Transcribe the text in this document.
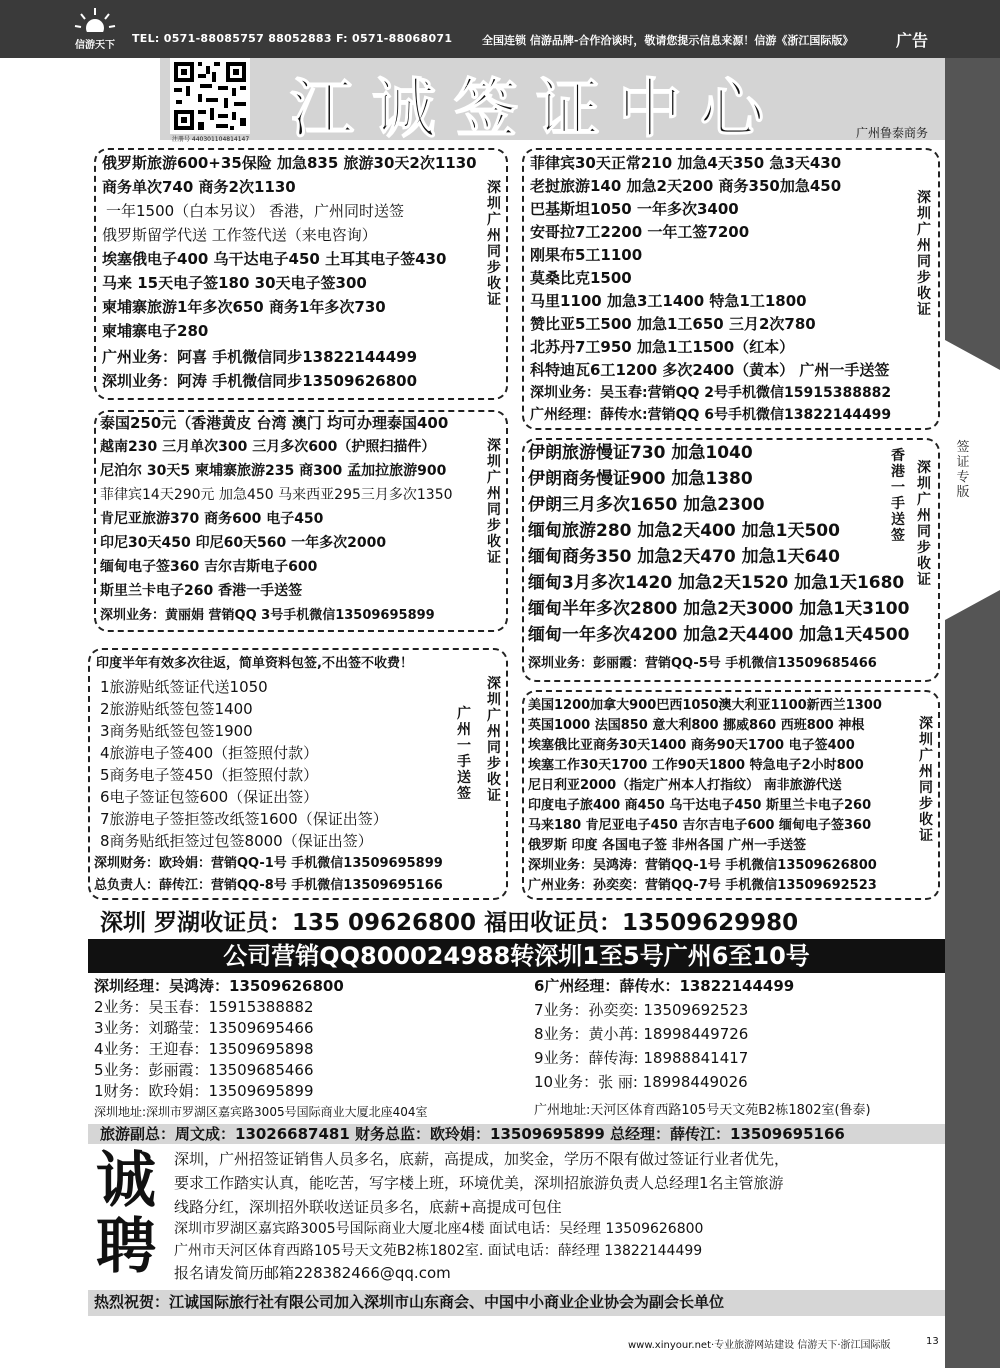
信游天下
TEL: 0571-88085757 88052883 F: 0571-88068071	全国连锁 信游品牌-合作洽谈时，敬请您提示信息来源！信游《浙江国际版》	广告
签证专版
注册号 440301104814147 江诚签证中心	广州鲁泰商务
俄罗斯旅游600+35保险 加急835 旅游30天2次1130
商务单次740 商务2次1130
一年1500（白本另议） 香港，广州同时送签
俄罗斯留学代送 工作签代送（来电咨询）
埃塞俄电子400 乌干达电子450 土耳其电子签430
马来 15天电子签180 30天电子签300
柬埔寨旅游1年多次650 商务1年多次730
柬埔寨电子280
广州业务：阿喜 手机微信同步13822144499
深圳业务：阿涛 手机微信同步13509626800
深圳广州同步收证
菲律宾30天正常210 加急4天350 急3天430
老挝旅游140 加急2天200 商务350加急450
巴基斯坦1050 一年多次3400
安哥拉7工2200 一年工签7200
刚果布5工1100
莫桑比克1500
马里1100 加急3工1400 特急1工1800
赞比亚5工500 加急1工650 三月2次780
北苏丹7工950 加急1工1500（红本）
科特迪瓦6工1200 多次2400（黄本） 广州一手送签
深圳业务：吴玉春:营销QQ 2号手机微信15915388882
广州经理：薛传水:营销QQ 6号手机微信13822144499
深圳广州同步收证
泰国250元（香港黄皮 台湾 澳门 均可办理泰国400
越南230 三月单次300 三月多次600（护照扫描件）
尼泊尔 30天5 柬埔寨旅游235 商300 孟加拉旅游900
菲律宾14天290元 加急450 马来西亚295三月多次1350
肯尼亚旅游370 商务600 电子450
印尼30天450 印尼60天560 一年多次2000
缅甸电子签360 吉尔吉斯电子600
斯里兰卡电子260 香港一手送签
深圳业务：黄丽娟 营销QQ 3号手机微信13509695899
深圳广州同步收证
伊朗旅游慢证730 加急1040
伊朗商务慢证900 加急1380
伊朗三月多次1650 加急2300
缅甸旅游280 加急2天400 加急1天500
缅甸商务350 加急2天470 加急1天640
缅甸3月多次1420 加急2天1520 加急1天1680
缅甸半年多次2800 加急2天3000 加急1天3100
缅甸一年多次4200 加急2天4400 加急1天4500
深圳业务：彭丽霞：营销QQ-5号 手机微信13509685466
香港一手送签
深圳广州同步收证
印度半年有效多次往返，简单资料包签,不出签不收费！
1旅游贴纸签证代送1050
2旅游贴纸签包签1400
3商务贴纸签包签1900
4旅游电子签400（拒签照付款）
5商务电子签450（拒签照付款）
6电子签证包签600（保证出签）
7旅游电子签拒签改纸签1600（保证出签）
8商务贴纸拒签过包签8000（保证出签）
深圳财务：欧玲娟：营销QQ-1号 手机微信13509695899
总负责人：薛传江：营销QQ-8号 手机微信13509695166
广州一手送签
深圳广州同步收证
美国1200加拿大900巴西1050澳大利亚1100新西兰1300
英国1000 法国850 意大利800 挪威860 西班800 神根
埃塞俄比亚商务30天1400 商务90天1700 电子签400
埃塞工作30天1700 工作90天1800 特急电子2小时800
尼日利亚2000（指定广州本人打指纹） 南非旅游代送
印度电子旅400 商450 乌干达电子450 斯里兰卡电子260
马来180 肯尼亚电子450 吉尔吉电子600 缅甸电子签360
俄罗斯 印度 各国电子签 非州各国 广州一手送签
深圳业务：吴鸿涛：营销QQ-1号 手机微信13509626800
广州业务：孙奕奕：营销QQ-7号 手机微信13509692523
深圳广州同步收证
深圳 罗湖收证员：135 09626800 福田收证员：13509629980
公司营销QQ800024988转深圳1至5号广州6至10号
深圳经理：吴鸿涛：13509626800
2业务：吴玉春：15915388882
3业务：刘璐莹：13509695466
4业务：王迎春：13509695898
5业务：彭丽霞：13509685466
1财务：欧玲娟：13509695899
深圳地址:深圳市罗湖区嘉宾路3005号国际商业大厦北座404室
6广州经理：薛传水：13822144499
7业务：孙奕奕: 13509692523
8业务：黄小苒: 18998449726
9业务：薛传海: 18988841417
10业务：张 丽: 18998449026
广州地址:天河区体育西路105号天文苑B2栋1802室(鲁泰)
旅游副总：周文成：13026687481 财务总监：欧玲娟：13509695899 总经理：薛传江：13509695166
诚
聘
深圳，广州招签证销售人员多名，底薪，高提成，加奖金，学历不限有做过签证行业者优先，
要求工作踏实认真，能吃苦，写字楼上班，环境优美，深圳招旅游负责人总经理1名主管旅游
线路分红，深圳招外联收送证员多名，底薪+高提成可包住
深圳市罗湖区嘉宾路3005号国际商业大厦北座4楼 面试电话：吴经理 13509626800
广州市天河区体育西路105号天文苑B2栋1802室. 面试电话：薛经理 13822144499
报名请发简历邮箱228382466@qq.com
热烈祝贺：江诚国际旅行社有限公司加入深圳市山东商会、中国中小商业企业协会为副会长单位
www.xinyour.net·专业旅游网站建设 信游天下·浙江国际版	13
